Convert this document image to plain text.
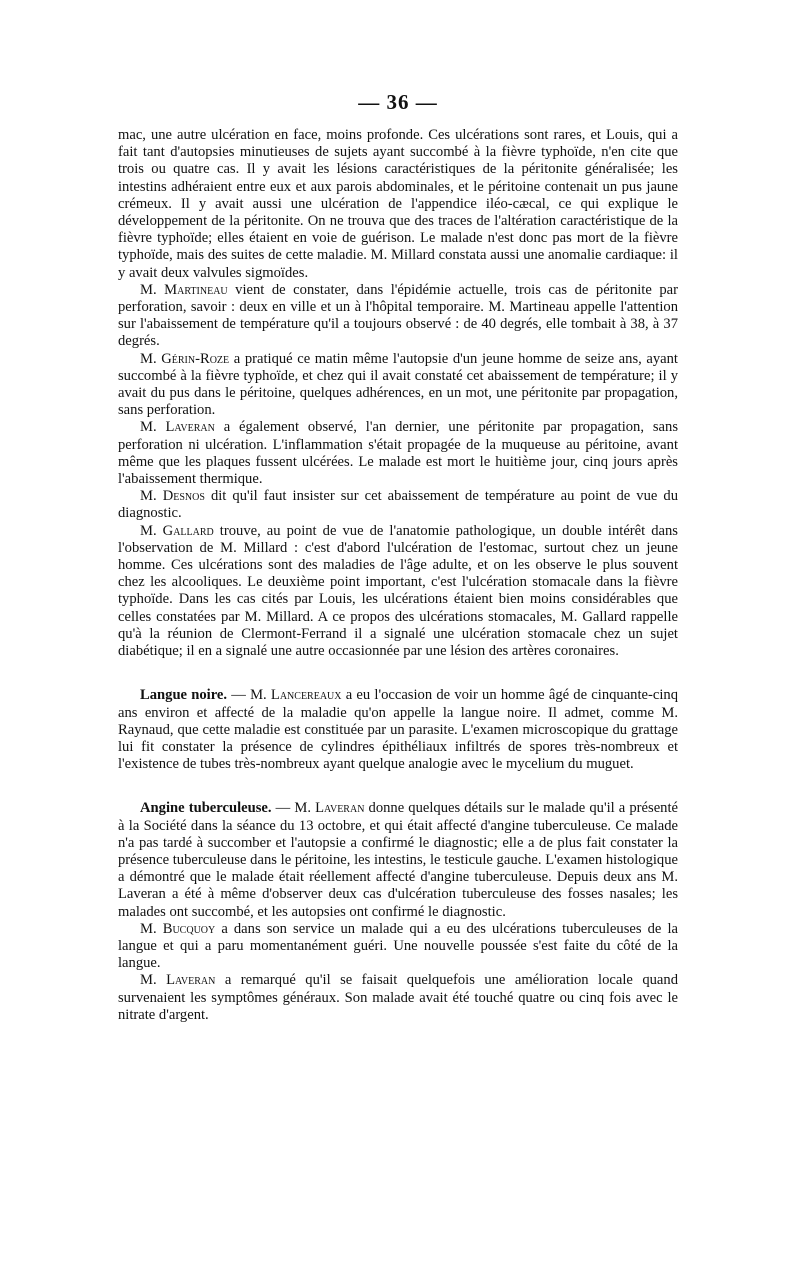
— 36 —

mac, une autre ulcération en face, moins profonde. Ces ulcérations sont rares, et Louis, qui a fait tant d'autopsies minutieuses de sujets ayant succombé à la fièvre typhoïde, n'en cite que trois ou quatre cas. Il y avait les lésions caractéristiques de la péritonite généralisée; les intestins adhéraient entre eux et aux parois abdominales, et le péritoine contenait un pus jaune crémeux. Il y avait aussi une ulcération de l'appendice iléo-cæcal, ce qui explique le développement de la péritonite. On ne trouva que des traces de l'altération caractéristique de la fièvre typhoïde; elles étaient en voie de guérison. Le malade n'est donc pas mort de la fièvre typhoïde, mais des suites de cette maladie. M. Millard constata aussi une anomalie cardiaque: il y avait deux valvules sigmoïdes.

M. Martineau vient de constater, dans l'épidémie actuelle, trois cas de péritonite par perforation, savoir : deux en ville et un à l'hôpital temporaire. M. Martineau appelle l'attention sur l'abaissement de température qu'il a toujours observé : de 40 degrés, elle tombait à 38, à 37 degrés.

M. Gérin-Roze a pratiqué ce matin même l'autopsie d'un jeune homme de seize ans, ayant succombé à la fièvre typhoïde, et chez qui il avait constaté cet abaissement de température; il y avait du pus dans le péritoine, quelques adhérences, en un mot, une péritonite par propagation, sans perforation.

M. Laveran a également observé, l'an dernier, une péritonite par propagation, sans perforation ni ulcération. L'inflammation s'était propagée de la muqueuse au péritoine, avant même que les plaques fussent ulcérées. Le malade est mort le huitième jour, cinq jours après l'abaissement thermique.

M. Desnos dit qu'il faut insister sur cet abaissement de température au point de vue du diagnostic.

M. Gallard trouve, au point de vue de l'anatomie pathologique, un double intérêt dans l'observation de M. Millard : c'est d'abord l'ulcération de l'estomac, surtout chez un jeune homme. Ces ulcérations sont des maladies de l'âge adulte, et on les observe le plus souvent chez les alcooliques. Le deuxième point important, c'est l'ulcération stomacale dans la fièvre typhoïde. Dans les cas cités par Louis, les ulcérations étaient bien moins considérables que celles constatées par M. Millard. A ce propos des ulcérations stomacales, M. Gallard rappelle qu'à la réunion de Clermont-Ferrand il a signalé une ulcération stomacale chez un sujet diabétique; il en a signalé une autre occasionnée par une lésion des artères coronaires.

Langue noire. — M. Lancereaux a eu l'occasion de voir un homme âgé de cinquante-cinq ans environ et affecté de la maladie qu'on appelle la langue noire. Il admet, comme M. Raynaud, que cette maladie est constituée par un parasite. L'examen microscopique du grattage lui fit constater la présence de cylindres épithéliaux infiltrés de spores très-nombreux et l'existence de tubes très-nombreux ayant quelque analogie avec le mycelium du muguet.

Angine tuberculeuse. — M. Laveran donne quelques détails sur le malade qu'il a présenté à la Société dans la séance du 13 octobre, et qui était affecté d'angine tuberculeuse. Ce malade n'a pas tardé à succomber et l'autopsie a confirmé le diagnostic; elle a de plus fait constater la présence tuberculeuse dans le péritoine, les intestins, le testicule gauche. L'examen histologique a démontré que le malade était réellement affecté d'angine tuberculeuse. Depuis deux ans M. Laveran a été à même d'observer deux cas d'ulcération tuberculeuse des fosses nasales; les malades ont succombé, et les autopsies ont confirmé le diagnostic.

M. Bucquoy a dans son service un malade qui a eu des ulcérations tuberculeuses de la langue et qui a paru momentanément guéri. Une nouvelle poussée s'est faite du côté de la langue.

M. Laveran a remarqué qu'il se faisait quelquefois une amélioration locale quand survenaient les symptômes généraux. Son malade avait été touché quatre ou cinq fois avec le nitrate d'argent.
